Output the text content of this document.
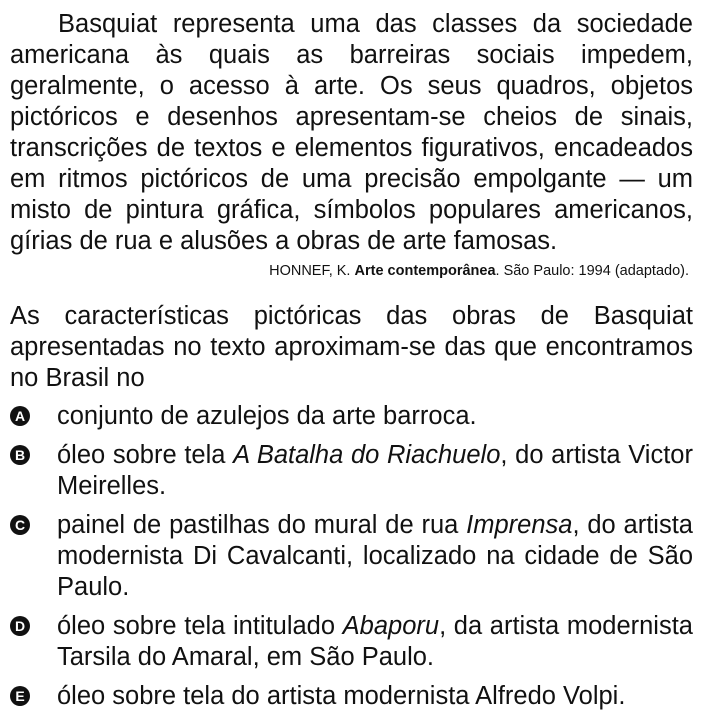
Basquiat representa uma das classes da sociedade americana às quais as barreiras sociais impedem, geralmente, o acesso à arte. Os seus quadros, objetos pictóricos e desenhos apresentam-se cheios de sinais, transcrições de textos e elementos figurativos, encadeados em ritmos pictóricos de uma precisão empolgante — um misto de pintura gráfica, símbolos populares americanos, gírias de rua e alusões a obras de arte famosas.

HONNEF, K. Arte contemporânea. São Paulo: 1994 (adaptado).

As características pictóricas das obras de Basquiat apresentadas no texto aproximam-se das que encontramos no Brasil no

A conjunto de azulejos da arte barroca.
B óleo sobre tela A Batalha do Riachuelo, do artista Victor Meirelles.
C painel de pastilhas do mural de rua Imprensa, do artista modernista Di Cavalcanti, localizado na cidade de São Paulo.
D óleo sobre tela intitulado Abaporu, da artista modernista Tarsila do Amaral, em São Paulo.
E óleo sobre tela do artista modernista Alfredo Volpi.
